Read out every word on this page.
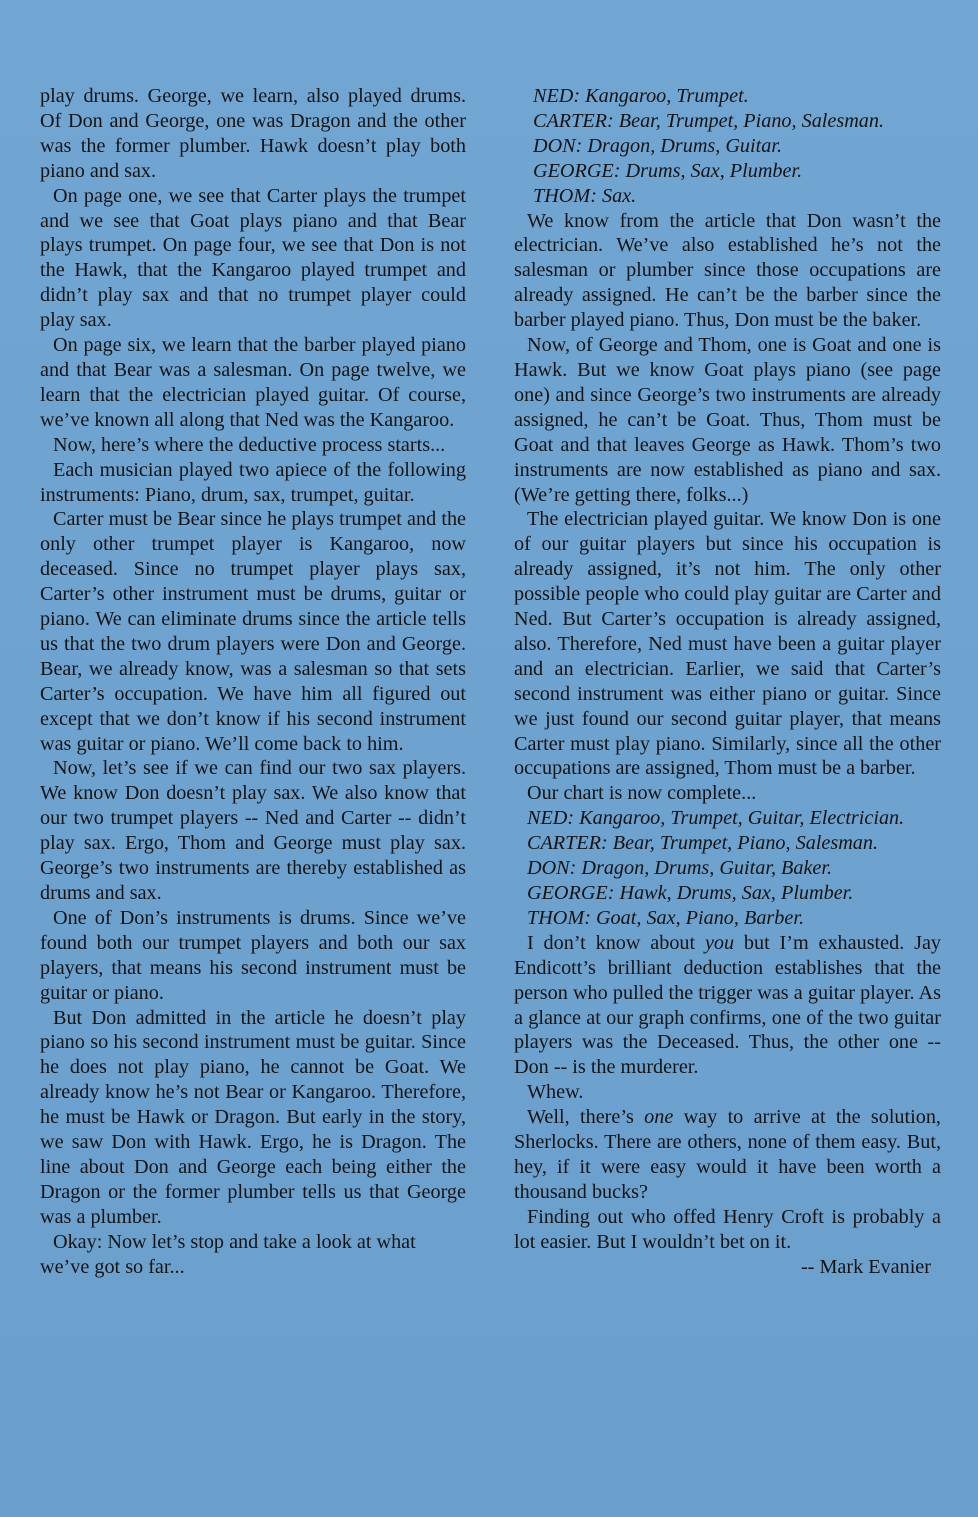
play drums. George, we learn, also played drums. Of Don and George, one was Dragon and the other was the former plumber. Hawk doesn’t play both piano and sax.

On page one, we see that Carter plays the trumpet and we see that Goat plays piano and that Bear plays trumpet. On page four, we see that Don is not the Hawk, that the Kangaroo played trumpet and didn’t play sax and that no trumpet player could play sax.

On page six, we learn that the barber played piano and that Bear was a salesman. On page twelve, we learn that the electrician played guitar. Of course, we’ve known all along that Ned was the Kangaroo.

Now, here’s where the deductive process starts...

Each musician played two apiece of the following instruments: Piano, drum, sax, trumpet, guitar.

Carter must be Bear since he plays trumpet and the only other trumpet player is Kangaroo, now deceased. Since no trumpet player plays sax, Carter’s other instrument must be drums, guitar or piano. We can eliminate drums since the article tells us that the two drum players were Don and George. Bear, we already know, was a salesman so that sets Carter’s occupation. We have him all figured out except that we don’t know if his second instrument was guitar or piano. We’ll come back to him.

Now, let’s see if we can find our two sax players. We know Don doesn’t play sax. We also know that our two trumpet players -- Ned and Carter -- didn’t play sax. Ergo, Thom and George must play sax. George’s two instruments are thereby established as drums and sax.

One of Don’s instruments is drums. Since we’ve found both our trumpet players and both our sax players, that means his second instrument must be guitar or piano.

But Don admitted in the article he doesn’t play piano so his second instrument must be guitar. Since he does not play piano, he cannot be Goat. We already know he’s not Bear or Kangaroo. Therefore, he must be Hawk or Dragon. But early in the story, we saw Don with Hawk. Ergo, he is Dragon. The line about Don and George each being either the Dragon or the former plumber tells us that George was a plumber.

Okay: Now let’s stop and take a look at what we’ve got so far...

NED: Kangaroo, Trumpet.

CARTER: Bear, Trumpet, Piano, Salesman.

DON: Dragon, Drums, Guitar.

GEORGE: Drums, Sax, Plumber.

THOM: Sax.

We know from the article that Don wasn’t the electrician. We’ve also established he’s not the salesman or plumber since those occupations are already assigned. He can’t be the barber since the barber played piano. Thus, Don must be the baker.

Now, of George and Thom, one is Goat and one is Hawk. But we know Goat plays piano (see page one) and since George’s two instruments are already assigned, he can’t be Goat. Thus, Thom must be Goat and that leaves George as Hawk. Thom’s two instruments are now established as piano and sax. (We’re getting there, folks...)

The electrician played guitar. We know Don is one of our guitar players but since his occupation is already assigned, it’s not him. The only other possible people who could play guitar are Carter and Ned. But Carter’s occupation is already assigned, also. Therefore, Ned must have been a guitar player and an electrician. Earlier, we said that Carter’s second instrument was either piano or guitar. Since we just found our second guitar player, that means Carter must play piano. Similarly, since all the other occupations are assigned, Thom must be a barber.

Our chart is now complete...

NED: Kangaroo, Trumpet, Guitar, Electrician.

CARTER: Bear, Trumpet, Piano, Salesman.

DON: Dragon, Drums, Guitar, Baker.

GEORGE: Hawk, Drums, Sax, Plumber.

THOM: Goat, Sax, Piano, Barber.

I don’t know about you but I’m exhausted. Jay Endicott’s brilliant deduction establishes that the person who pulled the trigger was a guitar player. As a glance at our graph confirms, one of the two guitar players was the Deceased. Thus, the other one -- Don -- is the murderer.

Whew.

Well, there’s one way to arrive at the solution, Sherlocks. There are others, none of them easy. But, hey, if it were easy would it have been worth a thousand bucks?

Finding out who offed Henry Croft is probably a lot easier. But I wouldn’t bet on it.

-- Mark Evanier
